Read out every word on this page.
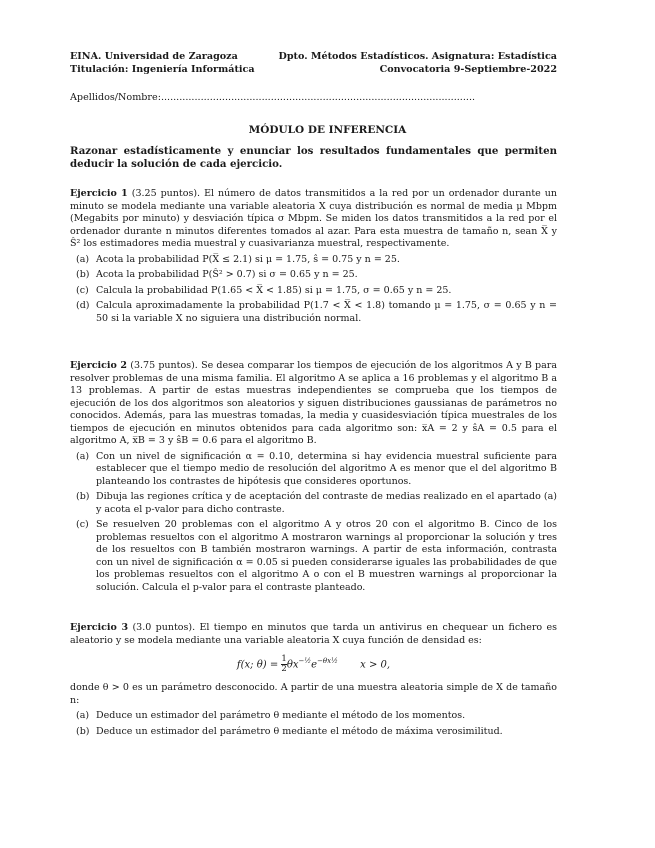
EINA. Universidad de Zaragoza
Titulación: Ingeniería Informática
Dpto. Métodos Estadísticos. Asignatura: Estadística
Convocatoria 9-Septiembre-2022
Apellidos/Nombre:.......................................................................................................
MÓDULO DE INFERENCIA
Razonar estadísticamente y enunciar los resultados fundamentales que permiten deducir la solución de cada ejercicio.
Ejercicio 1 (3.25 puntos). El número de datos transmitidos a la red por un ordenador durante un minuto se modela mediante una variable aleatoria X cuya distribución es normal de media μ Mbpm (Megabits por minuto) y desviación típica σ Mbpm. Se miden los datos transmitidos a la red por el ordenador durante n minutos diferentes tomados al azar. Para esta muestra de tamaño n, sean X̅ y Ŝ² los estimadores media muestral y cuasivarianza muestral, respectivamente.
(a) Acota la probabilidad P(X̅ ≤ 2.1) si μ = 1.75, ŝ = 0.75 y n = 25.
(b) Acota la probabilidad P(Ŝ² > 0.7) si σ = 0.65 y n = 25.
(c) Calcula la probabilidad P(1.65 < X̅ < 1.85) si μ = 1.75, σ = 0.65 y n = 25.
(d) Calcula aproximadamente la probabilidad P(1.7 < X̅ < 1.8) tomando μ = 1.75, σ = 0.65 y n = 50 si la variable X no siguiera una distribución normal.
Ejercicio 2 (3.75 puntos). Se desea comparar los tiempos de ejecución de los algoritmos A y B para resolver problemas de una misma familia. El algoritmo A se aplica a 16 problemas y el algoritmo B a 13 problemas. A partir de estas muestras independientes se comprueba que los tiempos de ejecución de los dos algoritmos son aleatorios y siguen distribuciones gaussianas de parámetros no conocidos. Además, para las muestras tomadas, la media y cuasidesviación típica muestrales de los tiempos de ejecución en minutos obtenidos para cada algoritmo son: x̅A = 2 y ŝA = 0.5 para el algoritmo A, x̅B = 3 y ŝB = 0.6 para el algoritmo B.
(a) Con un nivel de significación α = 0.10, determina si hay evidencia muestral suficiente para establecer que el tiempo medio de resolución del algoritmo A es menor que el del algoritmo B planteando los contrastes de hipótesis que consideres oportunos.
(b) Dibuja las regiones crítica y de aceptación del contraste de medias realizado en el apartado (a) y acota el p-valor para dicho contraste.
(c) Se resuelven 20 problemas con el algoritmo A y otros 20 con el algoritmo B. Cinco de los problemas resueltos con el algoritmo A mostraron warnings al proporcionar la solución y tres de los resueltos con B también mostraron warnings. A partir de esta información, contrasta con un nivel de significación α = 0.05 si pueden considerarse iguales las probabilidades de que los problemas resueltos con el algoritmo A o con el B muestren warnings al proporcionar la solución. Calcula el p-valor para el contraste planteado.
Ejercicio 3 (3.0 puntos). El tiempo en minutos que tarda un antivirus en chequear un fichero es aleatorio y se modela mediante una variable aleatoria X cuya función de densidad es:
f(x; $\theta) = \frac{1}{2} \theta x^{-\frac{1}{2}}e^{-\theta x\frac{1}{2}}$ x > 0,
donde θ > 0 es un parámetro desconocido. A partir de una muestra aleatoria simple de X de tamaño n:
(a) Deduce un estimador del parámetro θ mediante el método de los momentos.
(b) Deduce un estimador del parámetro θ mediante el método de máxima verosimilitud.
